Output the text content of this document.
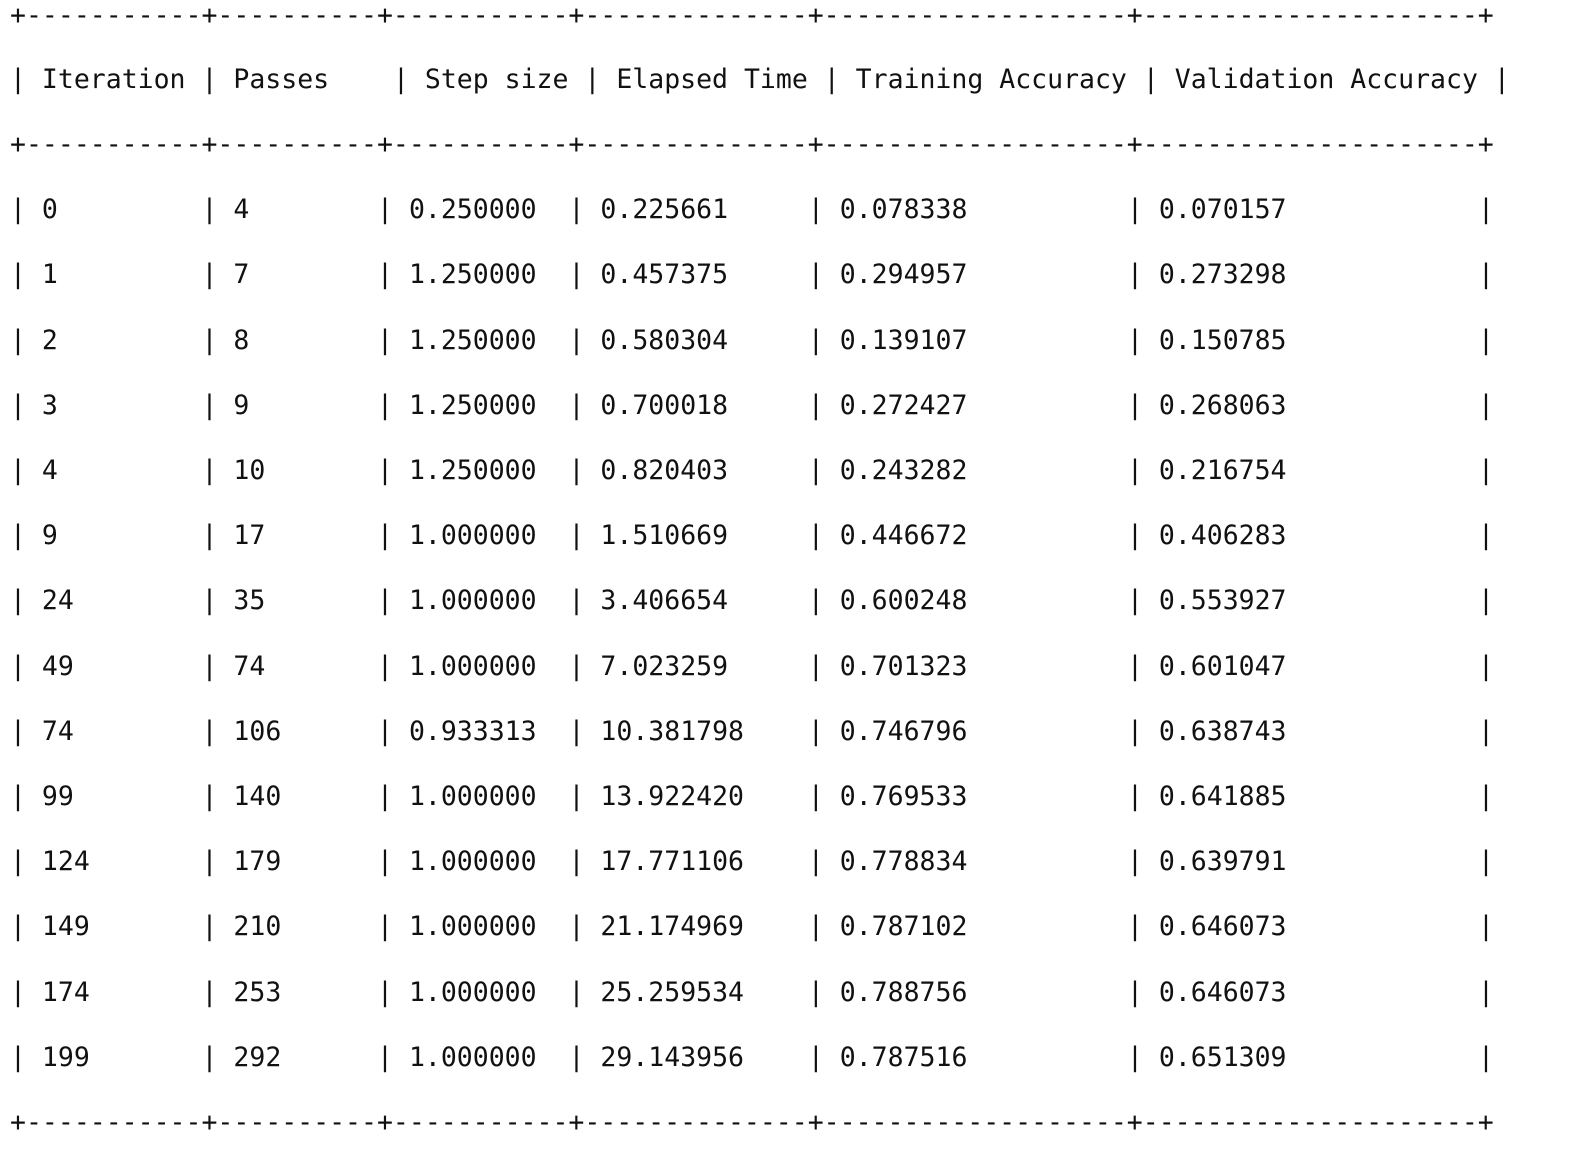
+-----------+----------+-----------+--------------+-------------------+---------------------+
| Iteration | Passes    | Step size | Elapsed Time | Training Accuracy | Validation Accuracy |
+-----------+----------+-----------+--------------+-------------------+---------------------+
+-----------+----------+-----------+--------------+-------------------+---------------------+
| 0	| 4	| 0.250000 | 0.225661	| 0.078338	| 0.070157	|
| 1	| 7	| 1.250000 | 0.457375	| 0.294957	| 0.273298	|
| 2	| 8	| 1.250000 | 0.580304	| 0.139107	| 0.150785	|
| 3	| 9	| 1.250000 | 0.700018	| 0.272427	| 0.268063	|
| 4	| 10	| 1.250000 | 0.820403	| 0.243282	| 0.216754	|
| 9	| 17	| 1.000000 | 1.510669	| 0.446672	| 0.406283	|
| 24	| 35	| 1.000000 | 3.406654	| 0.600248	| 0.553927	|
| 49	| 74	| 1.000000 | 7.023259	| 0.701323	| 0.601047	|
| 74	| 106	| 0.933313 | 10.381798 | 0.746796	| 0.638743	|
| 99	| 140	| 1.000000 | 13.922420 | 0.769533	| 0.641885	|
| 124	| 179	| 1.000000 | 17.771106 | 0.778834	| 0.639791	|
| 149	| 210	| 1.000000 | 21.174969 | 0.787102	| 0.646073	|
| 174	| 253	| 1.000000 | 25.259534 | 0.788756	| 0.646073	|
| 199	| 292	| 1.000000 | 29.143956 | 0.787516	| 0.651309	|
